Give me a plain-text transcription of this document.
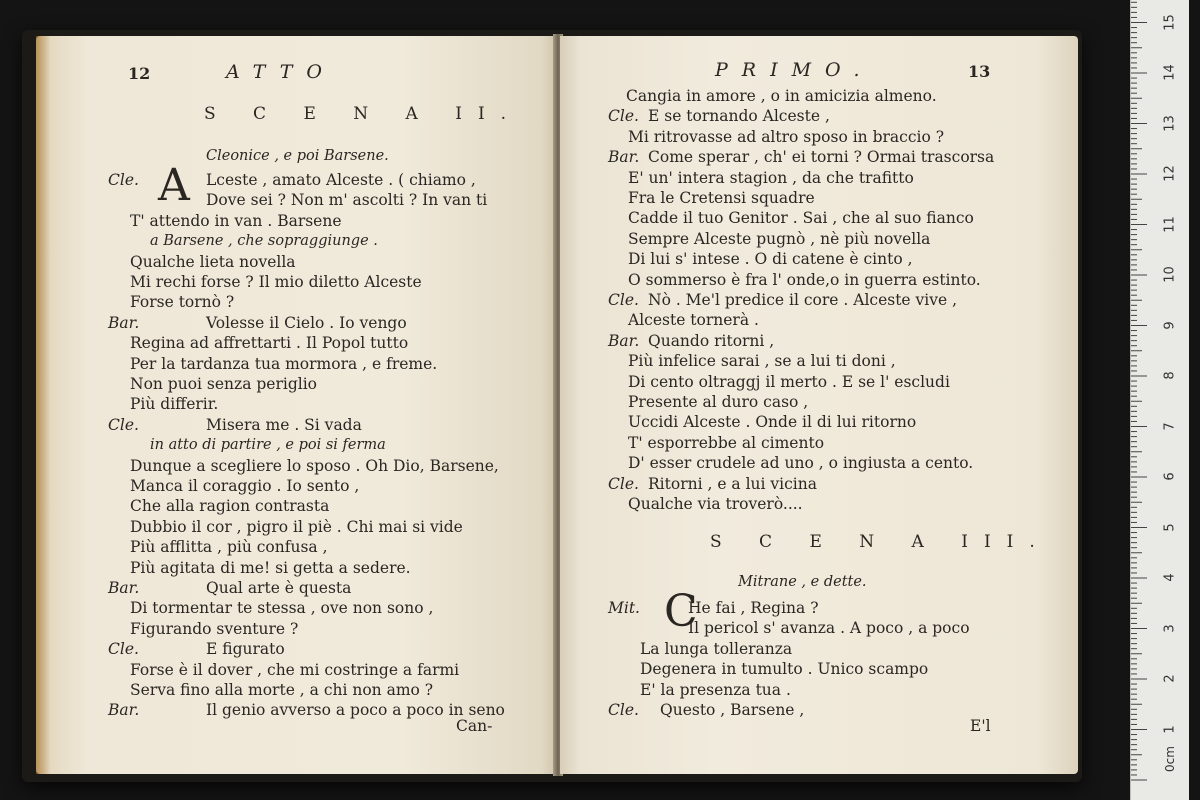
12	ATTO
S C E N A II.
Cleonice , e poi Barsene.
A
Cle.	Lceste , amato Alceste . ( chiamo ,
Dove sei ? Non m' ascolti ? In van ti
T' attendo in van . Barsene
a Barsene , che sopraggiunge .
Qualche lieta novella
Mi rechi forse ? Il mio diletto Alceste
Forse tornò ?
Bar.	Volesse il Cielo . Io vengo
Regina ad affrettarti . Il Popol tutto
Per la tardanza tua mormora , e freme.
Non puoi senza periglio
Più differir.
Cle.	Misera me . Si vada
in atto di partire , e poi si ferma
Dunque a scegliere lo sposo . Oh Dio, Barsene,
Manca il coraggio . Io sento ,
Che alla ragion contrasta
Dubbio il cor , pigro il piè . Chi mai si vide
Più afflitta , più confusa ,
Più agitata di me! si getta a sedere.
Bar.	Qual arte è questa
Di tormentar te stessa , ove non sono ,
Figurando sventure ?
Cle.	E figurato
Forse è il dover , che mi costringe a farmi
Serva fino alla morte , a chi non amo ?
Bar.	Il genio avverso a poco a poco in seno
Can-
PRIMO.	13
Cangia in amore , o in amicizia almeno.
Cle. E se tornando Alceste ,
Mi ritrovasse ad altro sposo in braccio ?
Bar. Come sperar , ch' ei torni ? Ormai trascorsa
E' un' intera stagion , da che trafitto
Fra le Cretensi squadre
Cadde il tuo Genitor . Sai , che al suo fianco
Sempre Alceste pugnò , nè più novella
Di lui s' intese . O di catene è cinto ,
O sommerso è fra l' onde,o in guerra estinto.
Cle. Nò . Me'l predice il core . Alceste vive ,
Alceste tornerà .
Bar. Quando ritorni ,
Più infelice sarai , se a lui ti doni ,
Di cento oltraggj il merto . E se l' escludi
Presente al duro caso ,
Uccidi Alceste . Onde il di lui ritorno
T' esporrebbe al cimento
D' esser crudele ad uno , o ingiusta a cento.
Cle. Ritorni , e a lui vicina
Qualche via troverò....
S C E N A III.
Mitrane , e dette.
C
Mit.	He fai , Regina ?
Il pericol s' avanza . A poco , a poco
La lunga tolleranza
Degenera in tumulto . Unico scampo
E' la presenza tua .
Cle. Questo , Barsene ,
E'l	1
2
3
4
5
6
7
8
9
10
11
12
13
14
15
0cm
